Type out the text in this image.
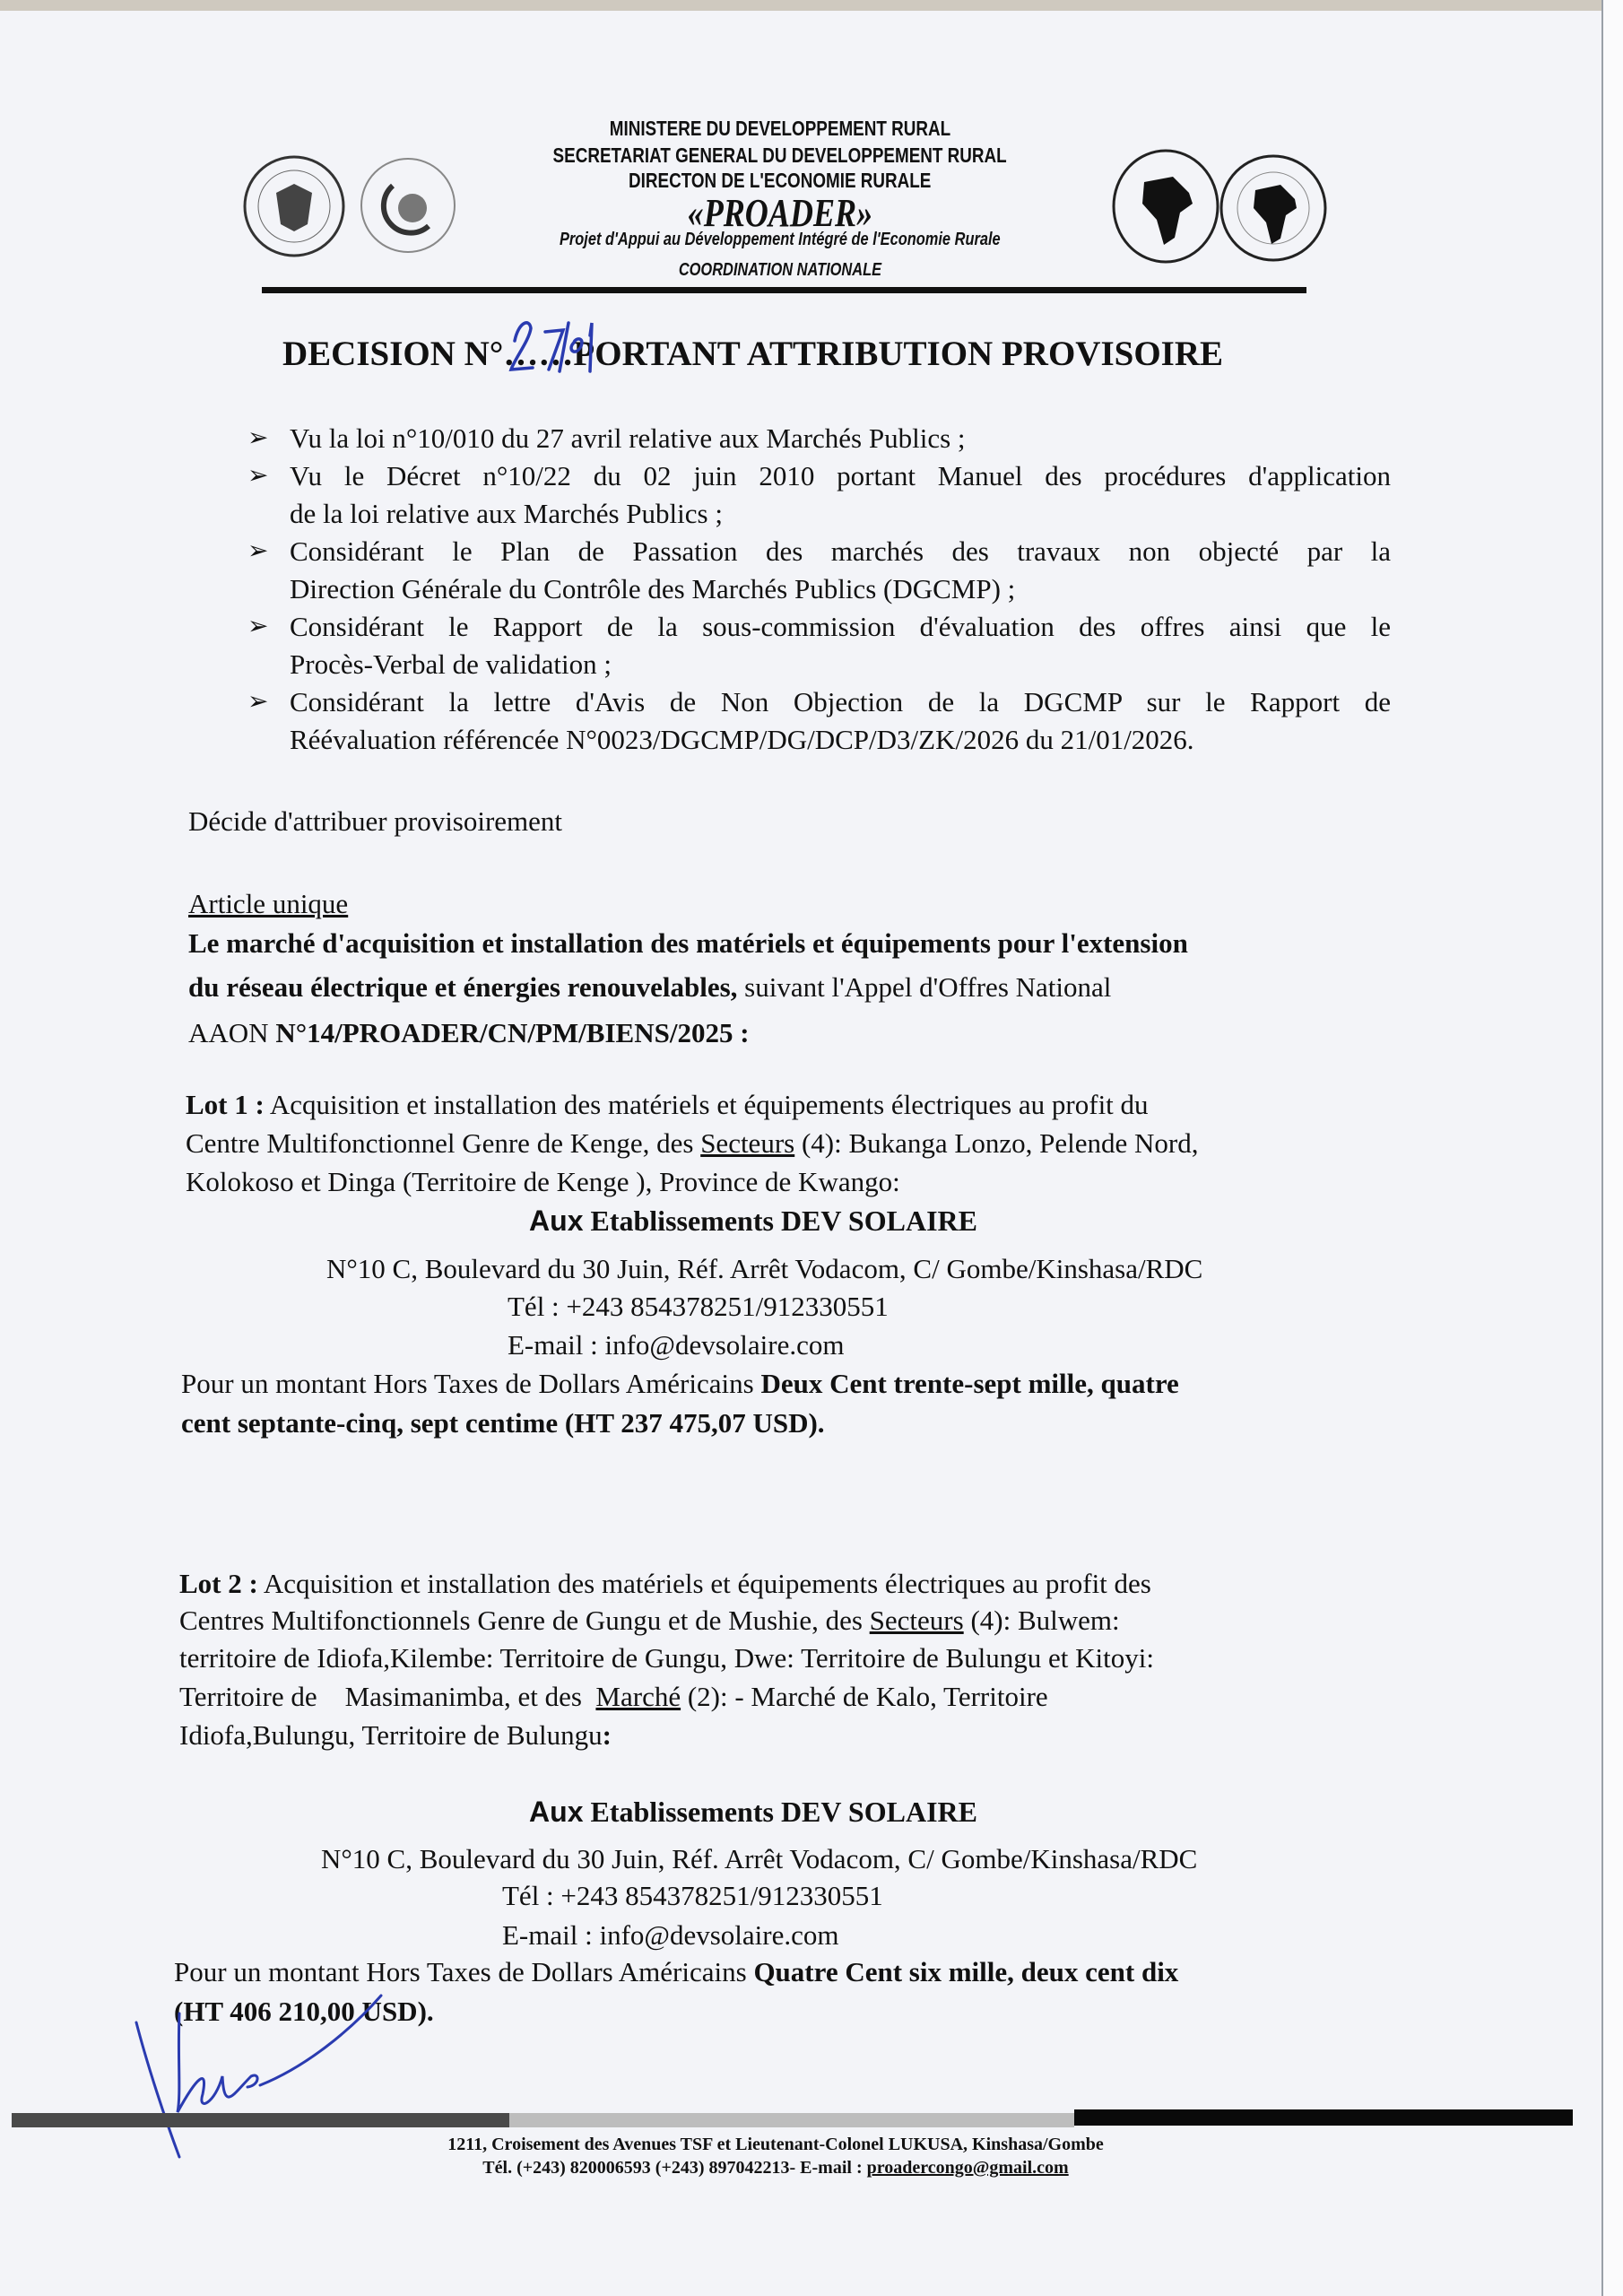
MINISTERE DU DEVELOPPEMENT RURAL
SECRETARIAT GENERAL DU DEVELOPPEMENT RURAL
DIRECTON DE L'ECONOMIE RURALE
«PROADER»
Projet d'Appui au Développement Intégré de l'Economie Rurale
COORDINATION NATIONALE
DECISION N°……PORTANT ATTRIBUTION PROVISOIRE
➢ Vu la loi n°10/010 du 27 avril relative aux Marchés Publics ;
➢ Vu le Décret n°10/22 du 02 juin 2010 portant Manuel des procédures d'application
de la loi relative aux Marchés Publics ;
➢ Considérant le Plan de Passation des marchés des travaux non objecté par la
Direction Générale du Contrôle des Marchés Publics (DGCMP) ;
➢ Considérant le Rapport de la sous-commission d'évaluation des offres ainsi que le
Procès-Verbal de validation ;
➢ Considérant la lettre d'Avis de Non Objection de la DGCMP sur le Rapport de
Réévaluation référencée N°0023/DGCMP/DG/DCP/D3/ZK/2026 du 21/01/2026.
Décide d'attribuer provisoirement
Article unique
Le marché d'acquisition et installation des matériels et équipements pour l'extension
du réseau électrique et énergies renouvelables, suivant l'Appel d'Offres National
AAON N°14/PROADER/CN/PM/BIENS/2025 :
Lot 1 : Acquisition et installation des matériels et équipements électriques au profit du
Centre Multifonctionnel Genre de Kenge, des Secteurs (4): Bukanga Lonzo, Pelende Nord,
Kolokoso et Dinga (Territoire de Kenge ), Province de Kwango:
Aux Etablissements DEV SOLAIRE
N°10 C, Boulevard du 30 Juin, Réf. Arrêt Vodacom, C/ Gombe/Kinshasa/RDC
Tél : +243 854378251/912330551
E-mail : info@devsolaire.com
Pour un montant Hors Taxes de Dollars Américains Deux Cent trente-sept mille, quatre
cent septante-cinq, sept centime (HT 237 475,07 USD).
Lot 2 : Acquisition et installation des matériels et équipements électriques au profit des
Centres Multifonctionnels Genre de Gungu et de Mushie, des Secteurs (4): Bulwem:
territoire de Idiofa,Kilembe: Territoire de Gungu, Dwe: Territoire de Bulungu et Kitoyi:
Territoire de    Masimanimba, et des  Marché (2): - Marché de Kalo, Territoire
Idiofa,Bulungu, Territoire de Bulungu:
Aux Etablissements DEV SOLAIRE
N°10 C, Boulevard du 30 Juin, Réf. Arrêt Vodacom, C/ Gombe/Kinshasa/RDC
Tél : +243 854378251/912330551
E-mail : info@devsolaire.com
Pour un montant Hors Taxes de Dollars Américains Quatre Cent six mille, deux cent dix
(HT 406 210,00 USD).
1211, Croisement des Avenues TSF et Lieutenant-Colonel LUKUSA, Kinshasa/Gombe
Tél. (+243) 820006593 (+243) 897042213- E-mail : proadercongo@gmail.com
